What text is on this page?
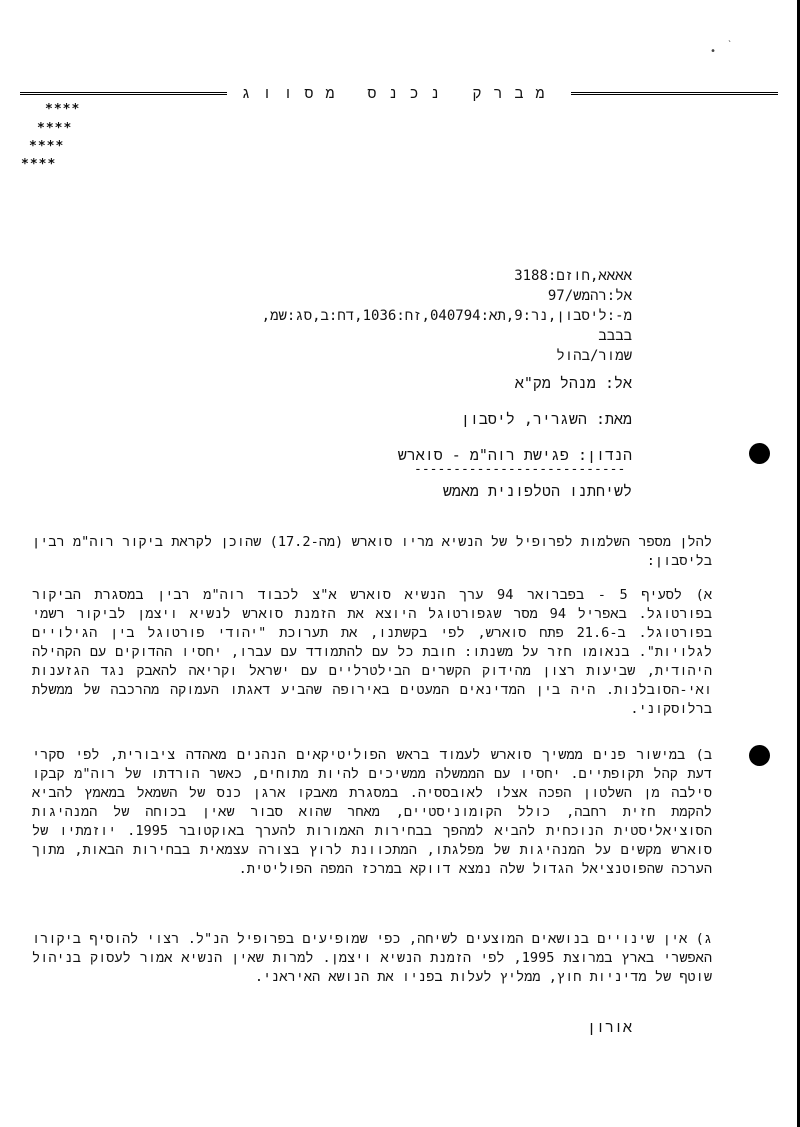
•
ˋ
מברק נכנס מסווג
****
****
****
****
אאאא,חוזם:3188
אל:רהמש/97
מ-:ליסבון,נר:9,תא:040794,זח:1036,דח:ב,סג:שמ,
בבבב
שמור/בהול
אל: מנהל מק"א
מאת: השגריר, ליסבון
הנדון: פגישת רוה"מ - סוארש
---------------------------
לשיחתנו הטלפונית מאמש
להלן מספר השלמות לפרופיל של הנשיא מריו סוארש (מה-17.2) שהוכן לקראת ביקור רוה"מ רבין בליסבון:
א) לסעיף 5 - בפברואר 94 ערך הנשיא סוארש א"צ לכבוד רוה"מ רבין במסגרת הביקור בפורטוגל. באפריל 94 מסר שגפורטוגל היוצא את הזמנת סוארש לנשיא ויצמן לביקור רשמי בפורטוגל. ב-21.6 פתח סוארש, לפי בקשתנו, את תערוכת "יהודי פורטוגל בין הגילויים לגלויות". בנאומו חזר על משנתו: חובת כל עם להתמודד עם עברו, יחסיו ההדוקים עם הקהילה היהודית, שביעות רצון מהידוק הקשרים הבילטרליים עם ישראל וקריאה להאבק נגד הגזענות ואי-הסובלנות. היה בין המדינאים המעטים באירופה שהביע דאגתו העמוקה מהרכבה של ממשלת ברלוסקוני.
ב) במישור פנים ממשיך סוארש לעמוד בראש הפוליטיקאים הנהנים מאהדה ציבורית, לפי סקרי דעת קהל תקופתיים. יחסיו עם הממשלה ממשיכים להיות מתוחים, כאשר הורדתו של רוה"מ קבקו סילבה מן השלטון הפכה אצלו לאובססיה. במסגרת מאבקו ארגן כנס של השמאל במאמץ להביא להקמת חזית רחבה, כולל הקומוניסטיים, מאחר שהוא סבור שאין בכוחה של המנהיגות הסוציאליסטית הנוכחית להביא למהפך בבחירות האמורות להערך באוקטובר 1995. יוזמתיו של סוארש מקשים על המנהיגות של מפלגתו, המתכוונת לרוץ בצורה עצמאית בבחירות הבאות, מתוך הערכה שהפוטנציאל הגדול שלה נמצא דווקא במרכז המפה הפוליטית.
ג) אין שינויים בנושאים המוצעים לשיחה, כפי שמופיעים בפרופיל הנ"ל. רצוי להוסיף ביקורו האפשרי בארץ במרוצת 1995, לפי הזמנת הנשיא ויצמן. למרות שאין הנשיא אמור לעסוק בניהול שוטף של מדיניות חוץ, ממליץ לעלות בפניו את הנושא האיראני.
אורון
